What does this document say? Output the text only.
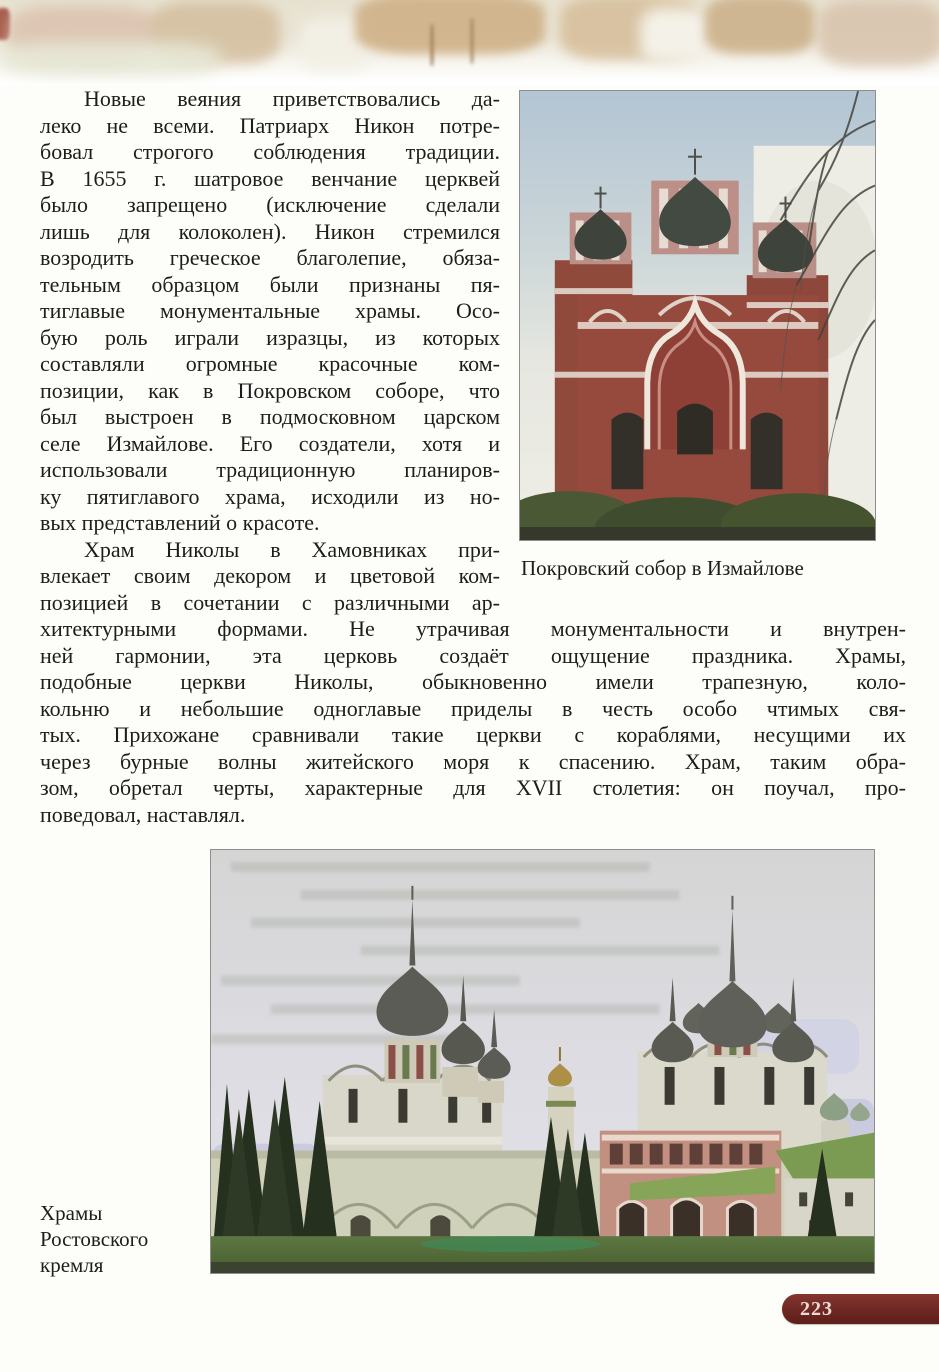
Новые веяния приветствовались да-
леко не всеми. Патриарх Никон потре-
бовал строгого соблюдения традиции.
В 1655 г. шатровое венчание церквей
было запрещено (исключение сделали
лишь для колоколен). Никон стремился
возродить греческое благолепие, обяза-
тельным образцом были признаны пя-
тиглавые монументальные храмы. Осо-
бую роль играли изразцы, из которых
составляли огромные красочные ком-
позиции, как в Покровском соборе, что
был выстроен в подмосковном царском
селе Измайлове. Его создатели, хотя и
использовали традиционную планиров-
ку пятиглавого храма, исходили из но-
вых представлений о красоте.
Храм Николы в Хамовниках при-
влекает своим декором и цветовой ком-
позицией в сочетании с различными ар-
хитектурными формами. Не утрачивая монументальности и внутрен-
ней гармонии, эта церковь создаёт ощущение праздника. Храмы,
подобные церкви Николы, обыкновенно имели трапезную, коло-
кольню и небольшие одноглавые приделы в честь особо чтимых свя-
тых. Прихожане сравнивали такие церкви с кораблями, несущими их
через бурные волны житейского моря к спасению. Храм, таким обра-
зом, обретал черты, характерные для XVII столетия: он поучал, про-
поведовал, наставлял.
Покровский собор в Измайлове
Храмы
Ростовского
кремля
223
